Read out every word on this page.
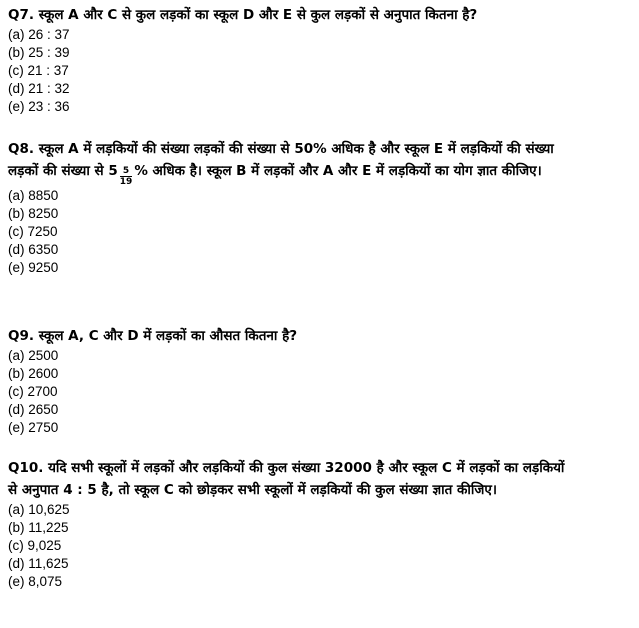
Q7. स्कूल A और C से कुल लड़कों का स्कूल D और E से कुल लड़कों से अनुपात कितना है?

(a) 26 : 37
(b) 25 : 39
(c) 21 : 37
(d) 21 : 32
(e) 23 : 36

Q8. स्कूल A में लड़कियों की संख्या लड़कों की संख्या से 50% अधिक है और स्कूल E में लड़कियों की संख्या लड़कों की संख्या से $5 \frac{5}{19}$ % अधिक है। स्कूल B में लड़कों और A और E में लड़कियों का योग ज्ञात कीजिए।

(a) 8850
(b) 8250
(c) 7250
(d) 6350
(e) 9250

Q9. स्कूल A, C और D में लड़कों का औसत कितना है?

(a) 2500
(b) 2600
(c) 2700
(d) 2650
(e) 2750

Q10. यदि सभी स्कूलों में लड़कों और लड़कियों की कुल संख्या 32000 है और स्कूल C में लड़कों का लड़कियों से अनुपात 4 : 5 है, तो स्कूल C को छोड़कर सभी स्कूलों में लड़कियों की कुल संख्या ज्ञात कीजिए।

(a) 10,625
(b) 11,225
(c) 9,025
(d) 11,625
(e) 8,075
